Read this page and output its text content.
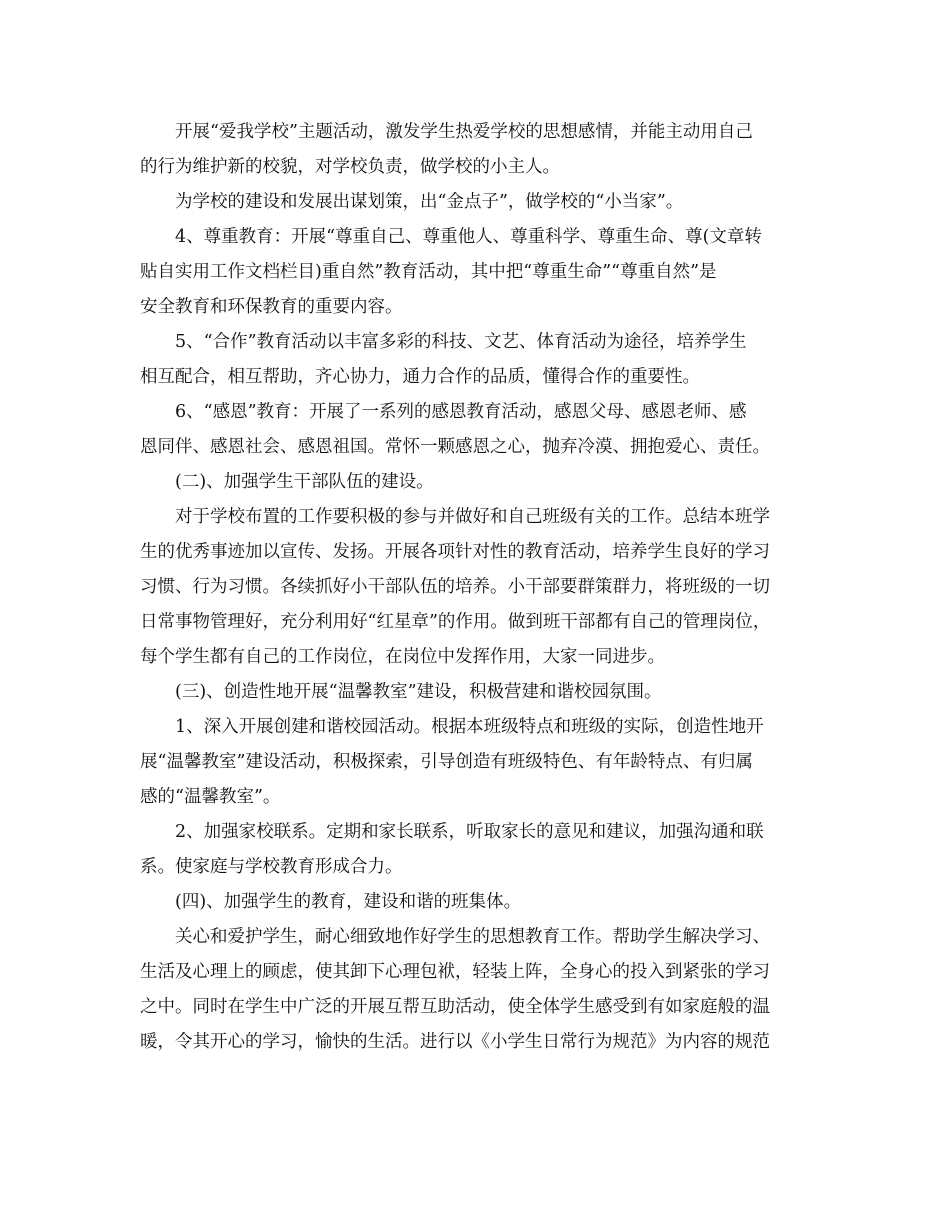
开展“爱我学校”主题活动，激发学生热爱学校的思想感情，并能主动用自己
的行为维护新的校貌，对学校负责，做学校的小主人。
为学校的建设和发展出谋划策，出“金点子”，做学校的“小当家”。
4、尊重教育：开展“尊重自己、尊重他人、尊重科学、尊重生命、尊(文章转
贴自实用工作文档栏目)重自然”教育活动，其中把“尊重生命”“尊重自然”是
安全教育和环保教育的重要内容。
5、“合作”教育活动以丰富多彩的科技、文艺、体育活动为途径，培养学生
相互配合，相互帮助，齐心协力，通力合作的品质，懂得合作的重要性。
6、“感恩”教育：开展了一系列的感恩教育活动，感恩父母、感恩老师、感
恩同伴、感恩社会、感恩祖国。常怀一颗感恩之心，抛弃冷漠、拥抱爱心、责任。
(二)、加强学生干部队伍的建设。
对于学校布置的工作要积极的参与并做好和自己班级有关的工作。总结本班学
生的优秀事迹加以宣传、发扬。开展各项针对性的教育活动，培养学生良好的学习
习惯、行为习惯。各续抓好小干部队伍的培养。小干部要群策群力，将班级的一切
日常事物管理好，充分利用好“红星章”的作用。做到班干部都有自己的管理岗位，
每个学生都有自己的工作岗位，在岗位中发挥作用，大家一同进步。
(三)、创造性地开展“温馨教室”建设，积极营建和谐校园氛围。
1、深入开展创建和谐校园活动。根据本班级特点和班级的实际，创造性地开
展“温馨教室”建设活动，积极探索，引导创造有班级特色、有年龄特点、有归属
感的“温馨教室”。
2、加强家校联系。定期和家长联系，听取家长的意见和建议，加强沟通和联
系。使家庭与学校教育形成合力。
(四)、加强学生的教育，建设和谐的班集体。
关心和爱护学生，耐心细致地作好学生的思想教育工作。帮助学生解决学习、
生活及心理上的顾虑，使其卸下心理包袱，轻装上阵，全身心的投入到紧张的学习
之中。同时在学生中广泛的开展互帮互助活动，使全体学生感受到有如家庭般的温
暖，令其开心的学习，愉快的生活。进行以《小学生日常行为规范》为内容的规范
